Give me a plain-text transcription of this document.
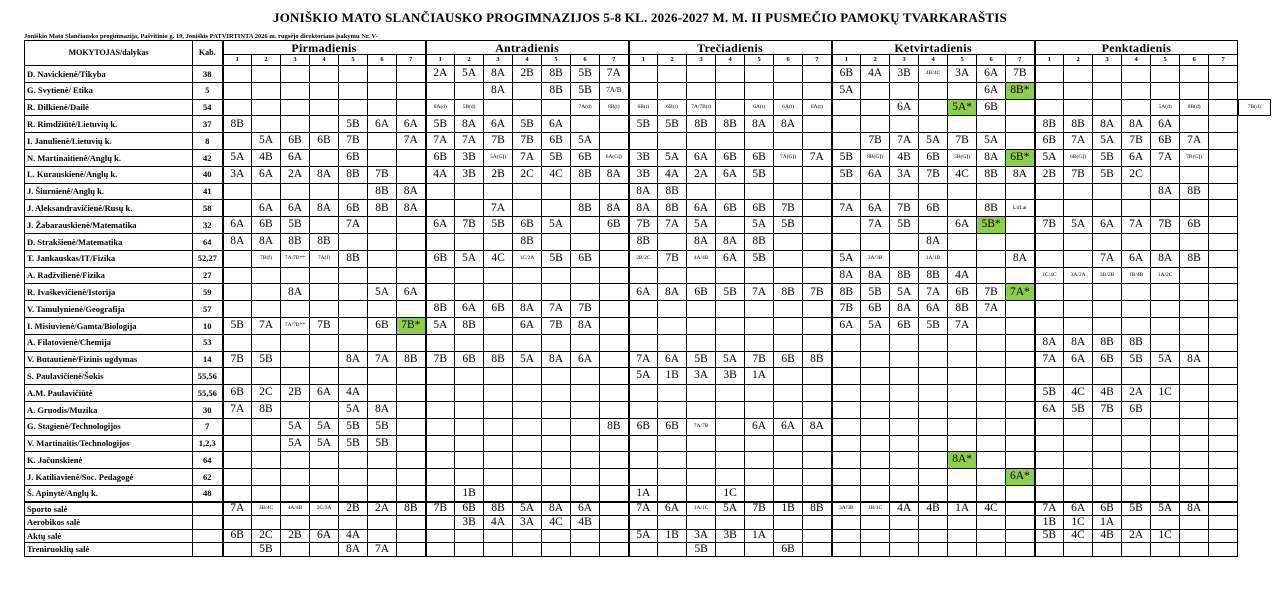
JONIŠKIO MATO SLANČIAUSKO PROGIMNAZIJOS 5-8 KL. 2026-2027 M. M. II PUSMEČIO PAMOKŲ TVARKARAŠTIS
Joniškio Mato Slančiausko progimnazija, Pašvitinio g. 19, Joniškis PATVIRTINTA 2026 m. rugsėjo direktoriaus įsakymu Nr. V-
MOKYTOJAS/dalykas	Kab.	Pirmadienis							Antradienis							Trečiadienis							Ketvirtadienis							Penktadienis							
		1	2	3	4	5	6	7	1	2	3	4	5	6	7	1	2	3	4	5	6	7	1	2	3	4	5	6	7	1	2	3	4	5	6	7	
D. Navickienė/Tikyba	38								2A	5A	8A	2B	8B	5B	7A								6B	4A	3B	4B/4C	3A	6A	7B								
G. Svytienė/ Etika	5										8A		8B	5B	7A/B								5A					6A	8B*								
R. Dilkienė/Dailė	54								8A(d)	5B(d)				7A(d)	8B(t)	6B(t)	6B(t)	7A/7B(t)		6A(t)	6A(t)	8A(t)			6A		5A*	6B						5A(d)	8B(d)		7B(d)
R. Rimdžiūtė/Lietuvių k.	37	8B				5B	6A	6A	5B	8A	6A	5B	6A			5B	5B	8B	8B	8A	8A									8B	8B	8A	8A	6A			
I. Janulienė/Lietuvių k.	8		5A	6B	6B	7B		7A	7A	7A	7B	7B	6B	5A										7B	7A	5A	7B	5A		6B	7A	5A	7B	6B	7A		
N. Martinaitienė/Anglų k.	42	5A	4B	6A		6B			6B	3B	5A(GĮ)	7A	5B	6B	6A(GĮ)	3B	5A	6A	6B	6B	7A(GĮ)	7A	5B	8B(GĮ)	4B	6B	5B(GĮ)	8A	6B*	5A	6B(GĮ)	5B	6A	7A	7B(GĮ)		
L. Kurauskienė/Anglų k.	40	3A	6A	2A	8A	8B	7B		4A	3B	2B	2C	4C	8B	8A	3B	4A	2A	6A	5B			5B	6A	3A	7B	4C	8B	8A	2B	7B	5B	2C				
J. Šiurnienė/Anglų k.	41						8B	8A								8A	8B																	8A	8B		
J. Aleksandravičienė/Rusų k.	58		6A	6A	8A	6B	8B	8A			7A			8B	8A	8A	8B	6A	6B	6B	7B		7A	6A	7B	6B		8B	LitLat								
J. Žabarauskienė/Matematika	32	6A	6B	5B		7A			6A	7B	5B	6B	5A		6B	7B	7A	5A		5A	5B			7A	5B		6A	5B*		7B	5A	6A	7A	7B	6B		
D. Strakšienė/Matematika	64	8A	8A	8B	8B							8B				8B		8A	8A	8B						8A											
T. Jankauskas/IT/Fizika	52,27		7B(f)	7A/7B**	7A(f)	8B			6B	5A	4C	1C/2A	5B	6B		2B/2C	7B	4A/4B	6A	5B			5A	3A/3B		1A/1B			8A			7A	6A	8A	8B		
A. Radžvilienė/Fizika	27																						8A	8A	8B	8B	4A			1C/4C	3A/2A	3B/2B	1B/4B	1A/2C			
R. Ivaškevičienė/Istorija	59			8A			5A	6A								6A	8A	6B	5B	7A	8B	7B	8B	5B	5A	7A	6B	7B	7A*								
V. Tamulynienė/Geografija	57								8B	6A	6B	8A	7A	7B									7B	6B	8A	6A	8B	7A									
I. Misiuvienė/Gamta/Biologija	10	5B	7A	7A/7B**	7B		6B	7B*	5A	8B		6A	7B	8A									6A	5A	6B	5B	7A										
A. Filatovienė/Chemija	53																													8A	8A	8B	8B				
V. Butautienė/Fizinis ugdymas	14	7B	5B			8A	7A	8B	7B	6B	8B	5A	8A	6A		7A	6A	5B	5A	7B	6B	8B								7A	6A	6B	5B	5A	8A		
S. Paulavičienė/Šokis	55,56															5A	1B	3A	3B	1A																	
A.M. Paulavičiūtė	55,56	6B	2C	2B	6A	4A																								5B	4C	4B	2A	1C			
A. Gruodis/Muzika	30	7A	8B			5A	8A																							6A	5B	7B	6B				
G. Stagienė/Technologijos	7			5A	5A	5B	5B								8B	6B	6B	7A/7B		6A	6A	8A															
V. Martinaitis/Technologijos	1,2,3			5A	5A	5B	5B																														
K. Jačunskienė	64																										8A*										
J. Katiliavienė/Soc. Pedagogė	62																												6A*								
Š. Apinytė/Anglų k.	48									1B						1A			1C																		
Sporto salė		7A	3B/4C	4A/4B	2C/3A	2B	2A	8B	7B	6B	8B	5A	8A	6A		7A	6A	1A/1C	5A	7B	1B	8B	3A/3B	1B/1C	4A	4B	1A	4C		7A	6A	6B	5B	5A	8A		
Aerobikos salė										3B	4A	3A	4C	4B																1B	1C	1A					
Aktų salė		6B	2C	2B	6A	4A										5A	1B	3A	3B	1A										5B	4C	4B	2A	1C			
Treniruoklių salė			5B			8A	7A											5B			6B																
